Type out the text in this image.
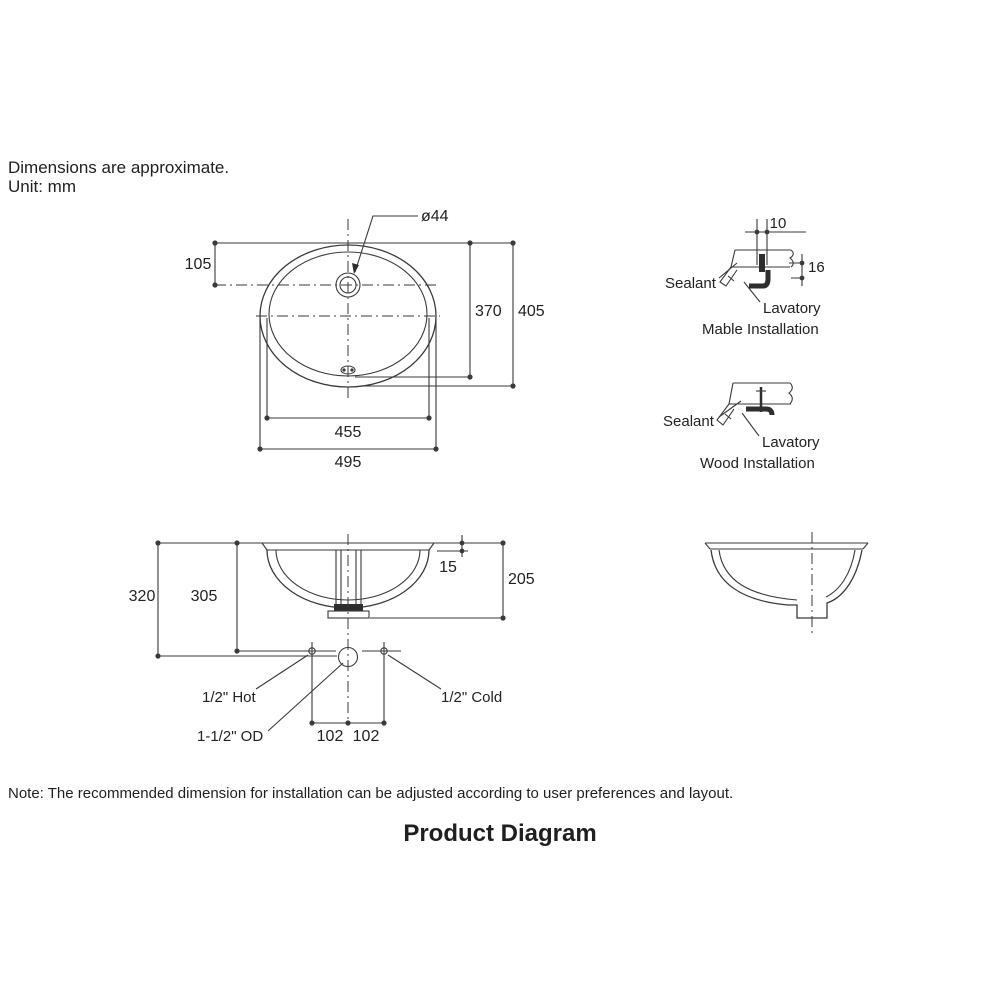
Dimensions are approximate.
Unit: mm
ø44
105
370 405
455
495
10
16
Sealant
Lavatory
Mable Installation
Sealant
Lavatory
Wood Installation
320 305
15
205
102 102
1/2" Hot	1/2" Cold
1-1/2" OD
Note: The recommended dimension for installation can be adjusted according to user preferences and layout.
Product Diagram
